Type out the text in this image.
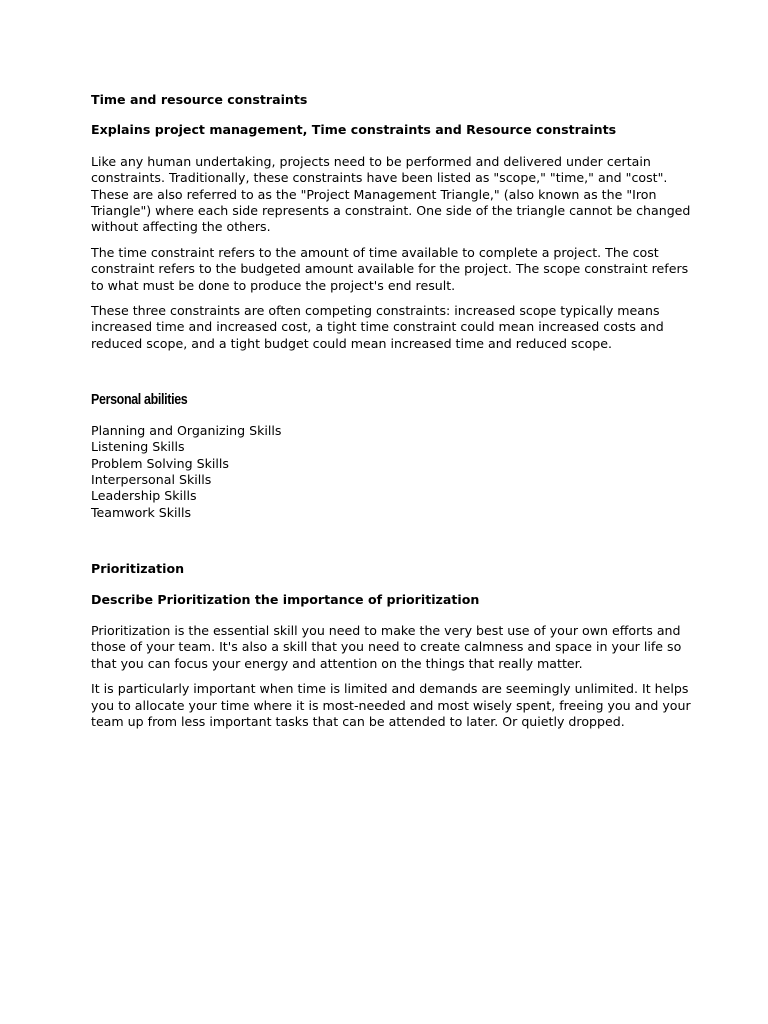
Time and resource constraints

Explains project management, Time constraints and Resource constraints

Like any human undertaking, projects need to be performed and delivered under certain constraints. Traditionally, these constraints have been listed as "scope," "time," and "cost". These are also referred to as the "Project Management Triangle," (also known as the "Iron Triangle") where each side represents a constraint. One side of the triangle cannot be changed without affecting the others.

The time constraint refers to the amount of time available to complete a project. The cost constraint refers to the budgeted amount available for the project. The scope constraint refers to what must be done to produce the project's end result.

These three constraints are often competing constraints: increased scope typically means increased time and increased cost, a tight time constraint could mean increased costs and reduced scope, and a tight budget could mean increased time and reduced scope.

Personal abilities

Planning and Organizing Skills
Listening Skills
Problem Solving Skills
Interpersonal Skills
Leadership Skills
Teamwork Skills

Prioritization

Describe Prioritization the importance of prioritization

Prioritization is the essential skill you need to make the very best use of your own efforts and those of your team. It's also a skill that you need to create calmness and space in your life so that you can focus your energy and attention on the things that really matter.

It is particularly important when time is limited and demands are seemingly unlimited. It helps you to allocate your time where it is most-needed and most wisely spent, freeing you and your team up from less important tasks that can be attended to later. Or quietly dropped.
